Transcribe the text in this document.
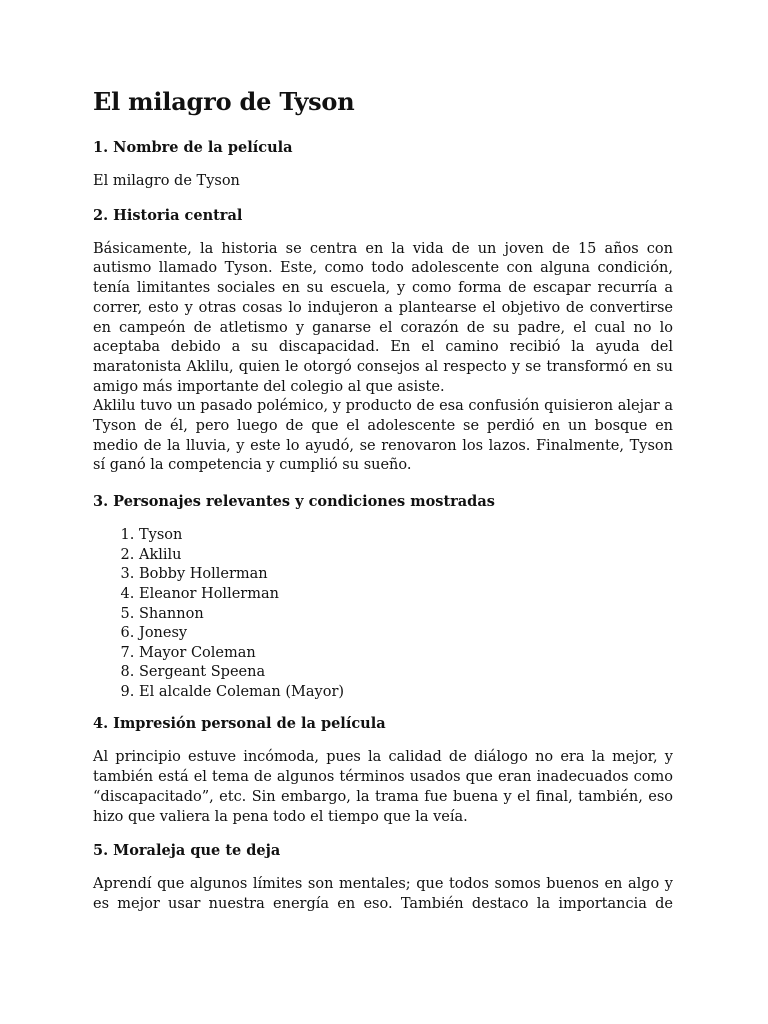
El milagro de Tyson
1. Nombre de la película

El milagro de Tyson

2. Historia central

Básicamente, la historia se centra en la vida de un joven de 15 años con autismo llamado Tyson. Este, como todo adolescente con alguna condición, tenía limitantes sociales en su escuela, y como forma de escapar recurría a correr, esto y otras cosas lo indujeron a plantearse el objetivo de convertirse en campeón de atletismo y ganarse el corazón de su padre, el cual no lo aceptaba debido a su discapacidad. En el camino recibió la ayuda del maratonista Aklilu, quien le otorgó consejos al respecto y se transformó en su amigo más importante del colegio al que asiste.

Aklilu tuvo un pasado polémico, y producto de esa confusión quisieron alejar a Tyson de él, pero luego de que el adolescente se perdió en un bosque en medio de la lluvia, y este lo ayudó, se renovaron los lazos. Finalmente, Tyson sí ganó la competencia y cumplió su sueño.

3. Personajes relevantes y condiciones mostradas
1. Tyson
2. Aklilu
3. Bobby Hollerman
4. Eleanor Hollerman
5. Shannon
6. Jonesy
7. Mayor Coleman
8. Sergeant Speena
9. El alcalde Coleman (Mayor)
4. Impresión personal de la película

Al principio estuve incómoda, pues la calidad de diálogo no era la mejor, y también está el tema de algunos términos usados que eran inadecuados como “discapacitado”, etc. Sin embargo, la trama fue buena y el final, también, eso hizo que valiera la pena todo el tiempo que la veía.

5. Moraleja que te deja

Aprendí que algunos límites son mentales; que todos somos buenos en algo y es mejor usar nuestra energía en eso. También destaco la importancia de
